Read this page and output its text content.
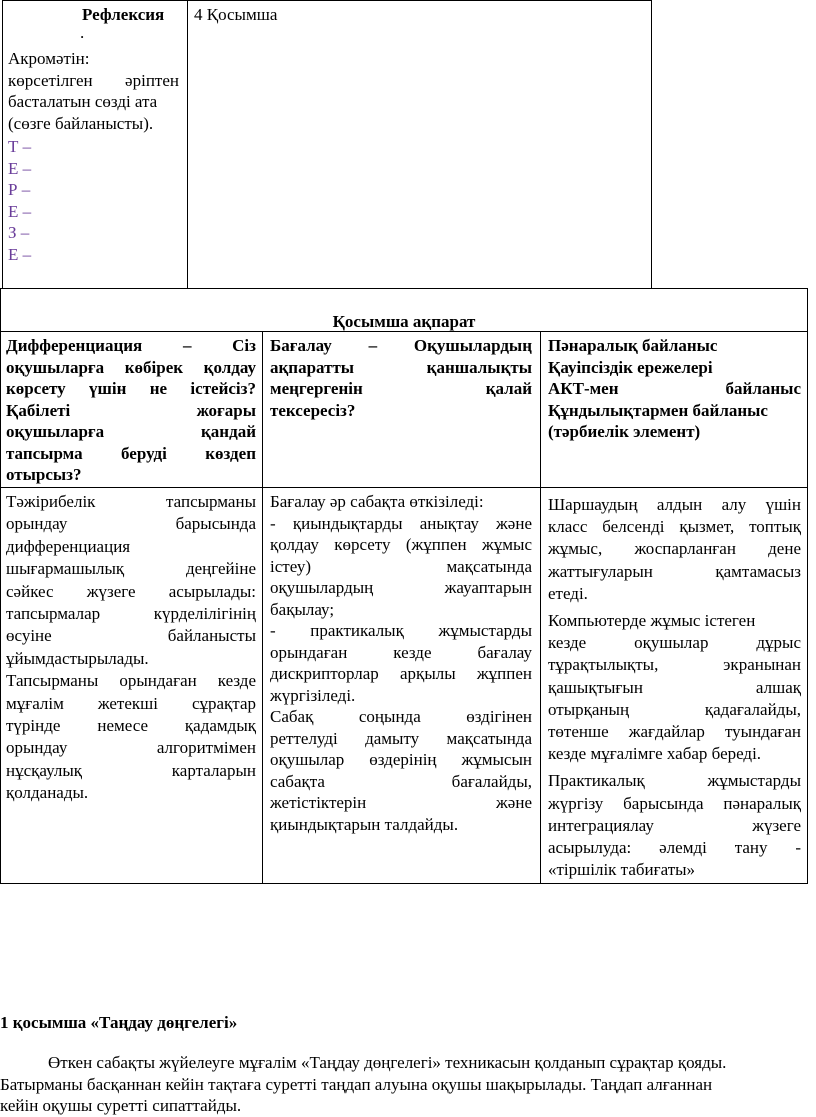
Рефлексия
.
Акромәтін:
көрсетілген әріптен
басталатын сөзді ата
(сөзге байланысты).
Т –
Е –
Р –
Е –
З –
Е –
4 Қосымша
Қосымша ақпарат
Дифференциация – Сіз
оқушыларға көбірек қолдау
көрсету үшін не істейсіз?
Қабілеті жоғары
оқушыларға қандай
тапсырма беруді көздеп
отырсыз?
Бағалау – Оқушылардың
ақпаратты қаншалықты
меңгергенін қалай
тексересіз?
Пәнаралық байланыс
Қауіпсіздік ережелері
АКТ-мен байланыс
Құндылықтармен байланыс
(тәрбиелік элемент)
Тәжірибелік тапсырманы
орындау барысында
дифференциация
шығармашылық деңгейіне
сәйкес жүзеге асырылады:
тапсырмалар күрделілігінің
өсуіне байланысты
ұйымдастырылады.
Тапсырманы орындаған кезде
мұғалім жетекші сұрақтар
түрінде немесе қадамдық
орындау алгоритмімен
нұсқаулық карталарын
қолданады.
Бағалау әр сабақта өткізіледі:
- қиындықтарды анықтау және
қолдау көрсету (жұппен жұмыс
істеу) мақсатында
оқушылардың жауаптарын
бақылау;
- практикалық жұмыстарды
орындаған кезде бағалау
дискрипторлар арқылы жұппен
жүргізіледі.
Сабақ соңында өздігінен
реттелуді дамыту мақсатында
оқушылар өздерінің жұмысын
сабақта бағалайды,
жетістіктерін және
қиындықтарын талдайды.
Шаршаудың алдын алу үшін
класс белсенді қызмет, топтық
жұмыс, жоспарланған дене
жаттығуларын қамтамасыз
етеді.
Компьютерде жұмыс істеген
кезде оқушылар дұрыс
тұрақтылықты, экранынан
қашықтығын алшақ
отырқаның қадағалайды,
төтенше жағдайлар туындаған
кезде мұғалімге хабар береді.
Практикалық жұмыстарды
жүргізу барысында пәнаралық
интеграциялау жүзеге
асырылуда: әлемді тану -
«тіршілік табиғаты»
1 қосымша «Таңдау дөңгелегі»
Өткен сабақты жүйелеуге мұғалім «Таңдау дөңгелегі» техникасын қолданып сұрақтар қояды.
Батырманы басқаннан кейін тақтаға суретті таңдап алуына оқушы шақырылады. Таңдап алғаннан
кейін оқушы суретті сипаттайды.
